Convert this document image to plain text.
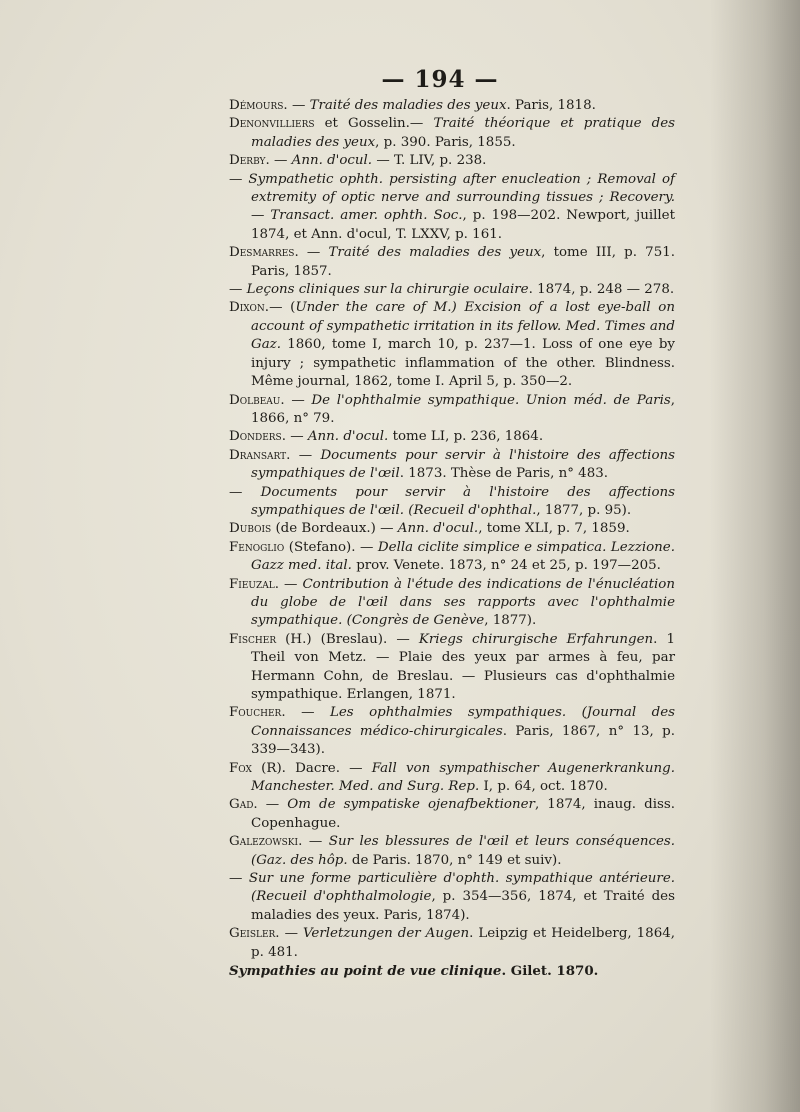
— 194 —
Démours. — Traité des maladies des yeux. Paris, 1818.
Denonvilliers et Gosselin.— Traité théorique et pratique des maladies des yeux, p. 390. Paris, 1855.
Derby. — Ann. d'ocul. — T. LIV, p. 238.
— Sympathetic ophth. persisting after enucleation ; Removal of extremity of optic nerve and surrounding tissues ; Recovery. — Transact. amer. ophth. Soc., p. 198—202. Newport, juillet 1874, et Ann. d'ocul, T. LXXV, p. 161.
Desmarres. — Traité des maladies des yeux, tome III, p. 751. Paris, 1857.
— Leçons cliniques sur la chirurgie oculaire. 1874, p. 248 — 278.
Dixon.— (Under the care of M.) Excision of a lost eye-ball on account of sympathetic irritation in its fellow. Med. Times and Gaz. 1860, tome I, march 10, p. 237—1. Loss of one eye by injury ; sympathetic inflammation of the other. Blindness. Même journal, 1862, tome I. April 5, p. 350—2.
Dolbeau. — De l'ophthalmie sympathique. Union méd. de Paris, 1866, n° 79.
Donders. — Ann. d'ocul. tome LI, p. 236, 1864.
Dransart. — Documents pour servir à l'histoire des affections sympathiques de l'œil. 1873. Thèse de Paris, n° 483.
— Documents pour servir à l'histoire des affections sympathiques de l'œil. (Recueil d'ophthal., 1877, p. 95).
Dubois (de Bordeaux.) — Ann. d'ocul., tome XLI, p. 7, 1859.
Fenoglio (Stefano). — Della ciclite simplice e simpatica. Lezzione. Gazz med. ital. prov. Venete. 1873, n° 24 et 25, p. 197—205.
Fieuzal. — Contribution à l'étude des indications de l'énucléation du globe de l'œil dans ses rapports avec l'ophthalmie sympathique. (Congrès de Genève, 1877).
Fischer (H.) (Breslau). — Kriegs chirurgische Erfahrungen. 1 Theil von Metz. — Plaie des yeux par armes à feu, par Hermann Cohn, de Breslau. — Plusieurs cas d'ophthalmie sympathique. Erlangen, 1871.
Foucher. — Les ophthalmies sympathiques. (Journal des Connaissances médico-chirurgicales. Paris, 1867, n° 13, p. 339—343).
Fox (R). Dacre. — Fall von sympathischer Augenerkrankung. Manchester. Med. and Surg. Rep. I, p. 64, oct. 1870.
Gad. — Om de sympatiske ojenafbektioner, 1874, inaug. diss. Copenhague.
Galezowski. — Sur les blessures de l'œil et leurs conséquences. (Gaz. des hôp. de Paris. 1870, n° 149 et suiv).
— Sur une forme particulière d'ophth. sympathique antérieure. (Recueil d'ophthalmologie, p. 354—356, 1874, et Traité des maladies des yeux. Paris, 1874).
Geisler. — Verletzungen der Augen. Leipzig et Heidelberg, 1864, p. 481.
Sympathies au point de vue clinique. Gilet. 1870.
